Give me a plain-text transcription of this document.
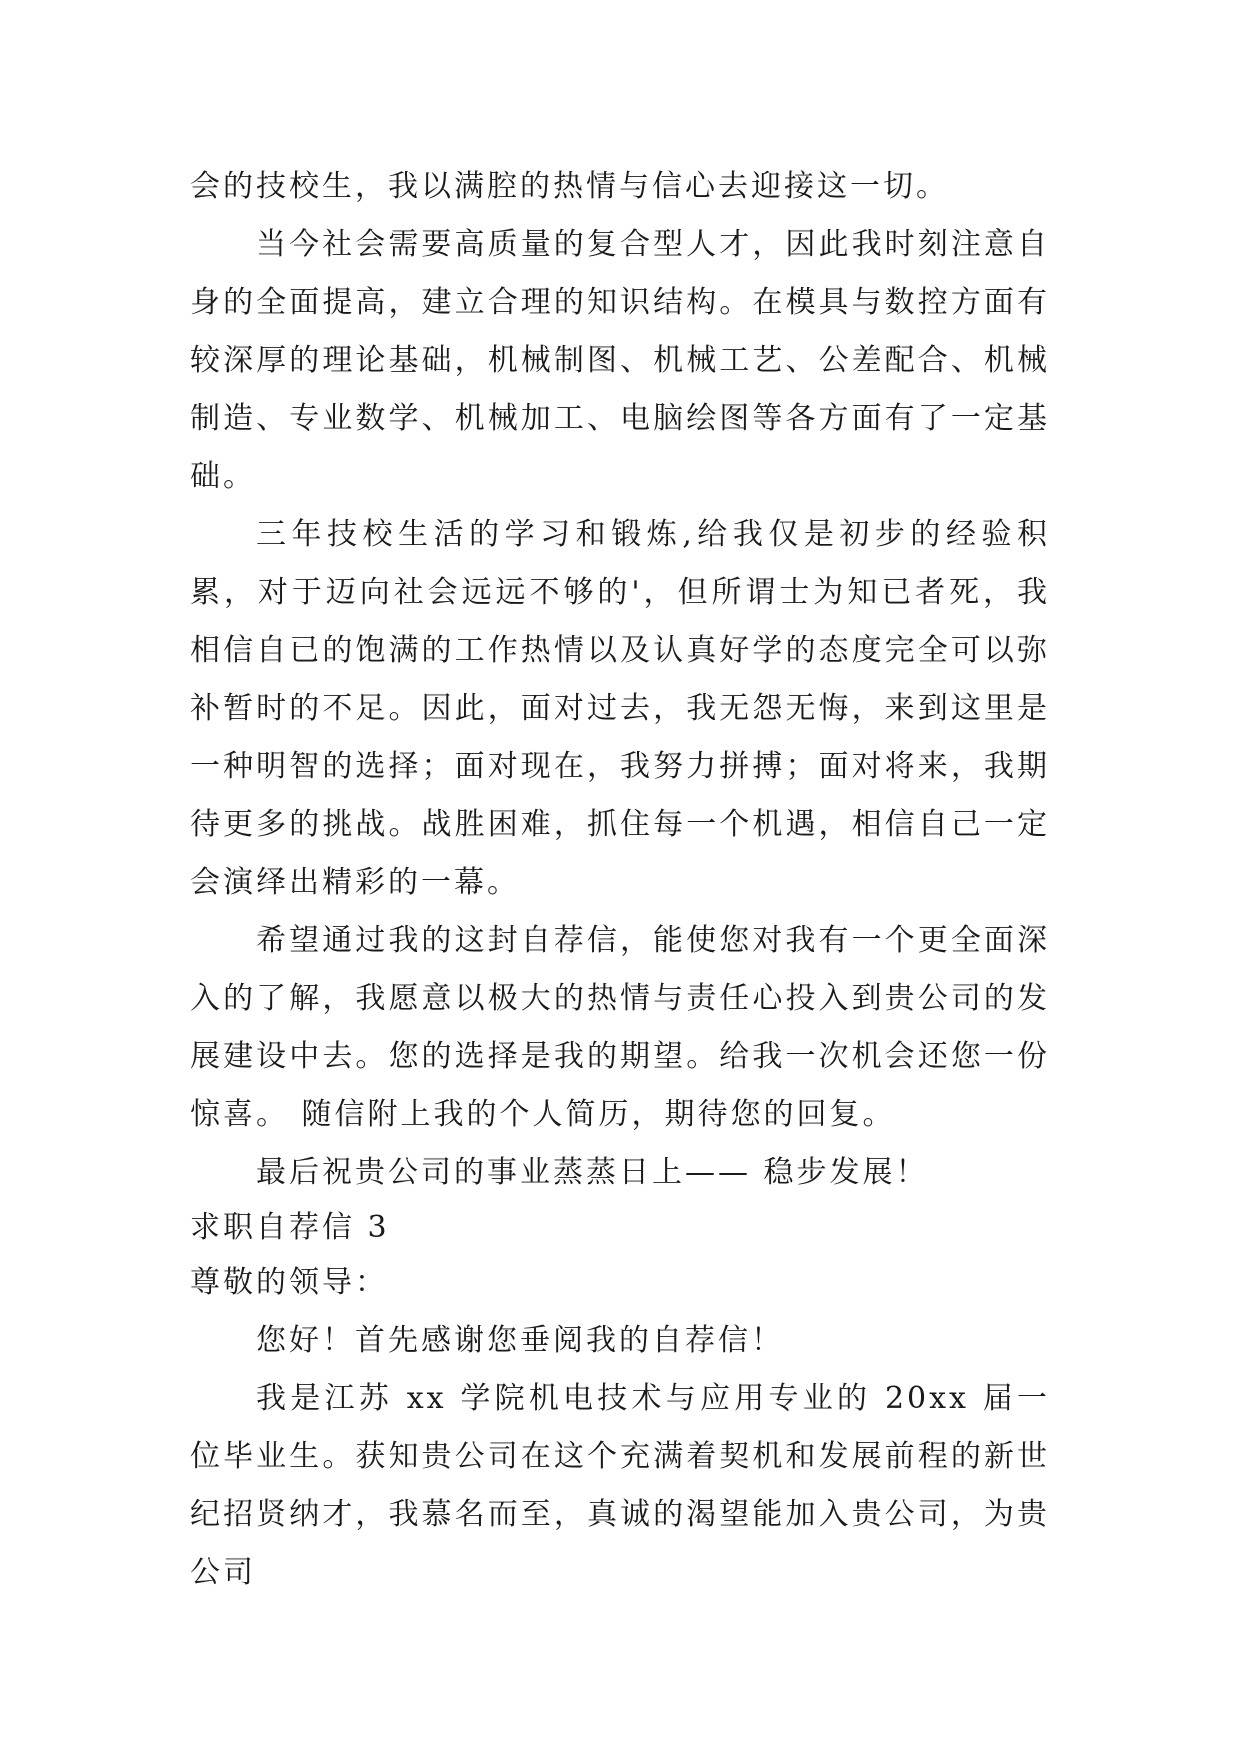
会的技校生，我以满腔的热情与信心去迎接这一切。

当今社会需要高质量的复合型人才，因此我时刻注意自身的全面提高，建立合理的知识结构。在模具与数控方面有较深厚的理论基础，机械制图、机械工艺、公差配合、机械制造、专业数学、机械加工、电脑绘图等各方面有了一定基础。

三年技校生活的学习和锻炼,给我仅是初步的经验积累，对于迈向社会远远不够的'，但所谓士为知已者死，我相信自已的饱满的工作热情以及认真好学的态度完全可以弥补暂时的不足。因此，面对过去，我无怨无悔，来到这里是一种明智的选择；面对现在，我努力拼搏；面对将来，我期待更多的挑战。战胜困难，抓住每一个机遇，相信自己一定会演绎出精彩的一幕。

希望通过我的这封自荐信，能使您对我有一个更全面深入的了解，我愿意以极大的热情与责任心投入到贵公司的发展建设中去。您的选择是我的期望。给我一次机会还您一份惊喜。 随信附上我的个人简历，期待您的回复。

最后祝贵公司的事业蒸蒸日上—— 稳步发展！

求职自荐信 3

尊敬的领导：

您好！首先感谢您垂阅我的自荐信！

我是江苏 xx 学院机电技术与应用专业的 20xx 届一位毕业生。获知贵公司在这个充满着契机和发展前程的新世纪招贤纳才，我慕名而至，真诚的渴望能加入贵公司，为贵公司
